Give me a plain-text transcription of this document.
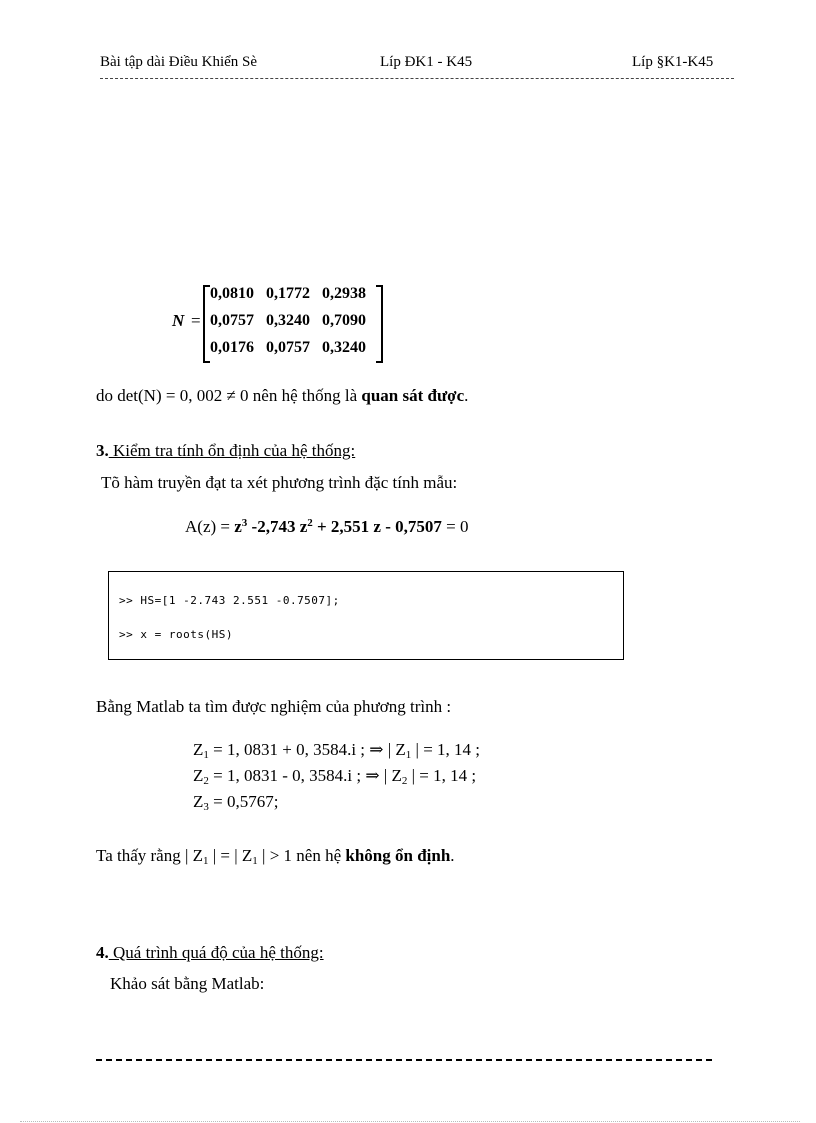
Bài tập dài Điều Khiển Sè	Líp ĐK1 - K45	Líp §K1-K45
N =
0,0810 0,1772 0,2938
0,0757 0,3240 0,7090
0,0176 0,0757 0,3240
do det(N) = 0, 002 ≠ 0 nên hệ thống là quan sát được.
3. Kiểm tra tính ổn định của hệ thống:
Tõ hàm truyền đạt ta xét phương trình đặc tính mẫu:
$A(z) = z^3$ -2,743 $z^2 + 2,551$ z - 0,7507 = 0
>> HS=[1 -2.743 2.551 -0.7507];
>> x = roots(HS)
Bằng Matlab ta tìm được nghiệm của phương trình :
$Z_1 = 1$, 0831 + 0, 3584.i ; ⇒ | $Z_1$ | = 1, 14 ;
$Z_2 = 1$, 0831 - 0, 3584.i ; ⇒ | $Z_2$ | = 1, 14 ;
$Z_3 = 0,5767$;
Ta thấy rằng | $Z_1$ | = | $Z_1$ | > 1 nên hệ không ổn định.
4. Quá trình quá độ của hệ thống:
Khảo sát bằng Matlab:
